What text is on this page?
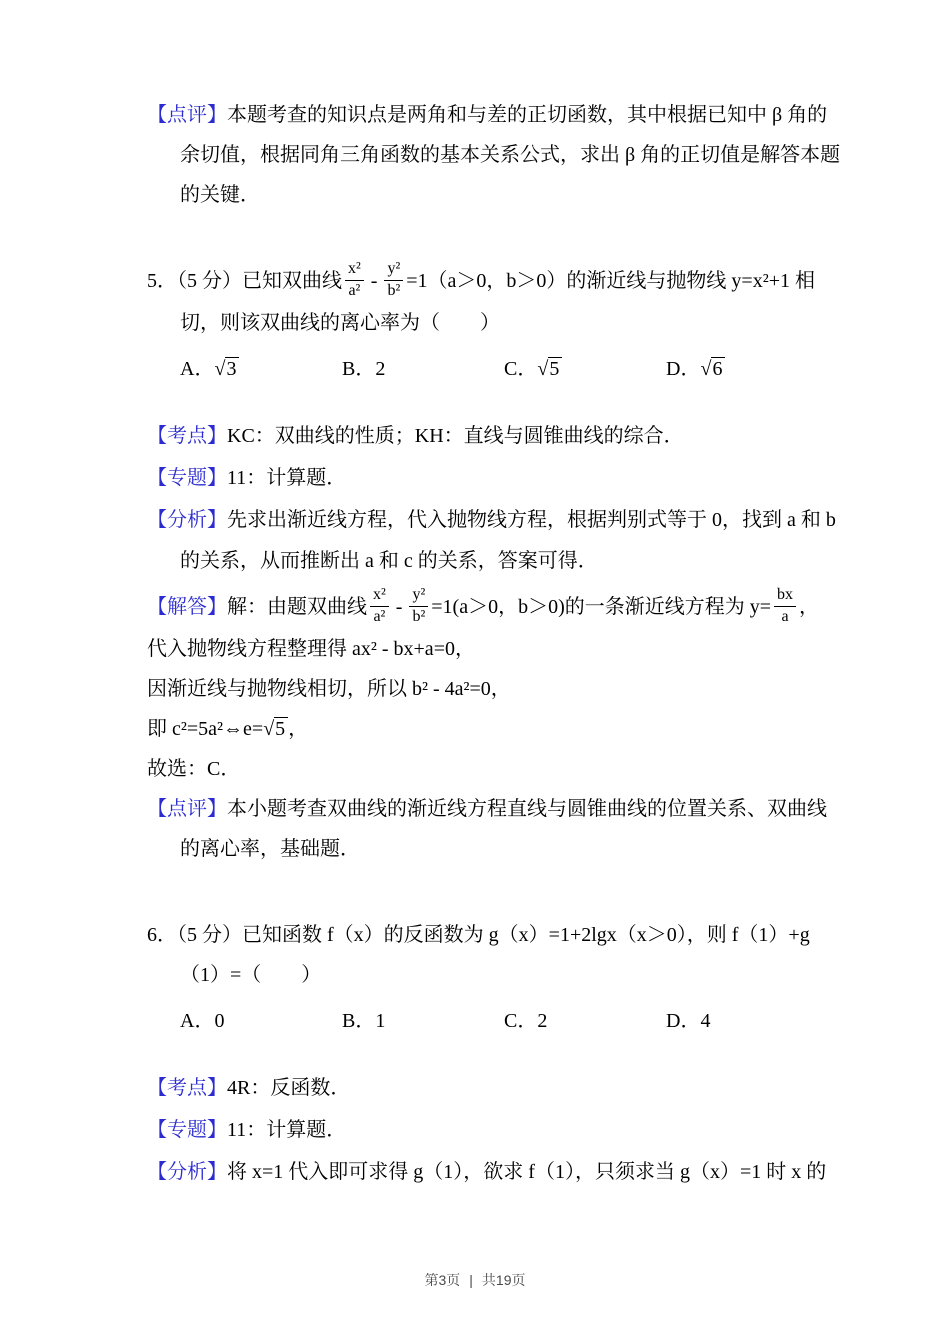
【点评】本题考查的知识点是两角和与差的正切函数，其中根据已知中 β 角的

余切值，根据同角三角函数的基本关系公式，求出 β 角的正切值是解答本题

的关键．

5．（5 分）已知双曲线 $\frac{\text{x²}}{\text{a²}} - \frac{\text{y²}}{\text{b²}} =1(a>0$，b＞0）的渐近线与抛物线 y=x²+1 相

切，则该双曲线的离心率为（　　）

A．√3	B．2	C．√5	D．√6

【考点】KC：双曲线的性质；KH：直线与圆锥曲线的综合．

【专题】11：计算题．

【分析】先求出渐近线方程，代入抛物线方程，根据判别式等于 0，找到 a 和 b

的关系，从而推断出 a 和 c 的关系，答案可得．

【解答】解：由题双曲线 $\frac{\text{x²}}{\text{a²}} - \frac{\text{y²}}{\text{b²}} =1(a>0$，b＞0)的一条渐近线方程为 $y= \frac{bx}{a}$ ，

代入抛物线方程整理得 ax² - bx+a=0，

因渐近线与抛物线相切，所以 b² - 4a²=0，

即 c²=5a²⇔e=√5 ，

故选：C．

【点评】本小题考查双曲线的渐近线方程直线与圆锥曲线的位置关系、双曲线

的离心率，基础题．

6．（5 分）已知函数 f（x）的反函数为 g（x）=1+2lgx（x＞0），则 f（1）+g

（1）=（　　）

A．0	B．1	C．2	D．4

【考点】4R：反函数．

【专题】11：计算题．

【分析】将 x=1 代入即可求得 g（1），欲求 f（1），只须求当 g（x）=1 时 x 的

第3页 | 共19页
